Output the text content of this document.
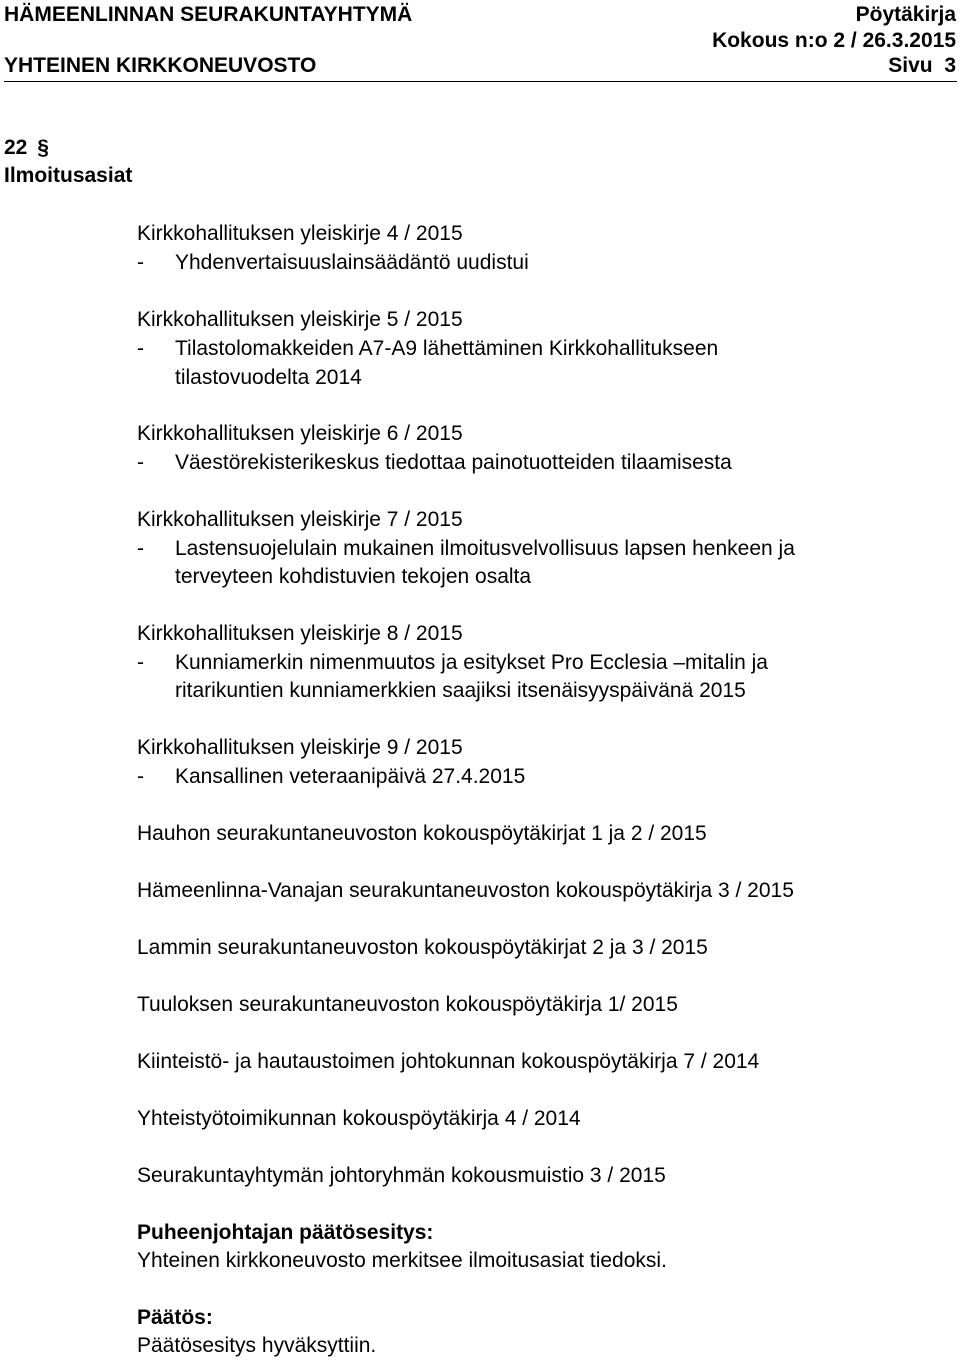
HÄMEENLINNAN SEURAKUNTAYHTYMÄ	Pöytäkirja
Kokous n:o 2 / 26.3.2015
YHTEINEN KIRKKONEUVOSTO	Sivu 3
22 §
Ilmoitusasiat
Kirkkohallituksen yleiskirje 4 / 2015
- Yhdenvertaisuuslainsäädäntö uudistui
Kirkkohallituksen yleiskirje 5 / 2015
- Tilastolomakkeiden A7-A9 lähettäminen Kirkkohallitukseen
tilastovuodelta 2014
Kirkkohallituksen yleiskirje 6 / 2015
- Väestörekisterikeskus tiedottaa painotuotteiden tilaamisesta
Kirkkohallituksen yleiskirje 7 / 2015
- Lastensuojelulain mukainen ilmoitusvelvollisuus lapsen henkeen ja
terveyteen kohdistuvien tekojen osalta
Kirkkohallituksen yleiskirje 8 / 2015
- Kunniamerkin nimenmuutos ja esitykset Pro Ecclesia –mitalin ja
ritarikuntien kunniamerkkien saajiksi itsenäisyyspäivänä 2015
Kirkkohallituksen yleiskirje 9 / 2015
- Kansallinen veteraanipäivä 27.4.2015
Hauhon seurakuntaneuvoston kokouspöytäkirjat 1 ja 2 / 2015
Hämeenlinna-Vanajan seurakuntaneuvoston kokouspöytäkirja 3 / 2015
Lammin seurakuntaneuvoston kokouspöytäkirjat 2 ja 3 / 2015
Tuuloksen seurakuntaneuvoston kokouspöytäkirja 1/ 2015
Kiinteistö- ja hautaustoimen johtokunnan kokouspöytäkirja 7 / 2014
Yhteistyötoimikunnan kokouspöytäkirja 4 / 2014
Seurakuntayhtymän johtoryhmän kokousmuistio 3 / 2015
Puheenjohtajan päätösesitys:
Yhteinen kirkkoneuvosto merkitsee ilmoitusasiat tiedoksi.
Päätös:
Päätösesitys hyväksyttiin.
